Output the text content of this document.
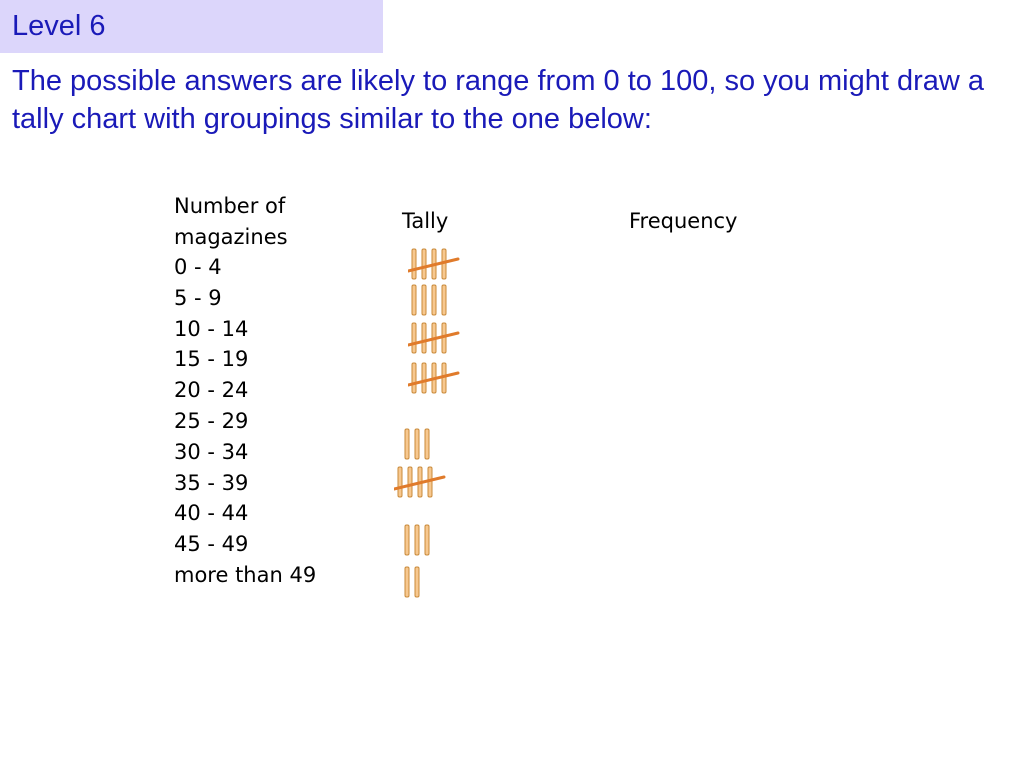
Level 6

The possible answers are likely to range from 0 to 100, so you might draw a tally chart with groupings similar to the one below:

Number of magazines
Tally	Frequency
0 - 4
5 - 9
10 - 14
15 - 19
20 - 24
25 - 29
30 - 34
35 - 39
40 - 44
45 - 49
more than 49
